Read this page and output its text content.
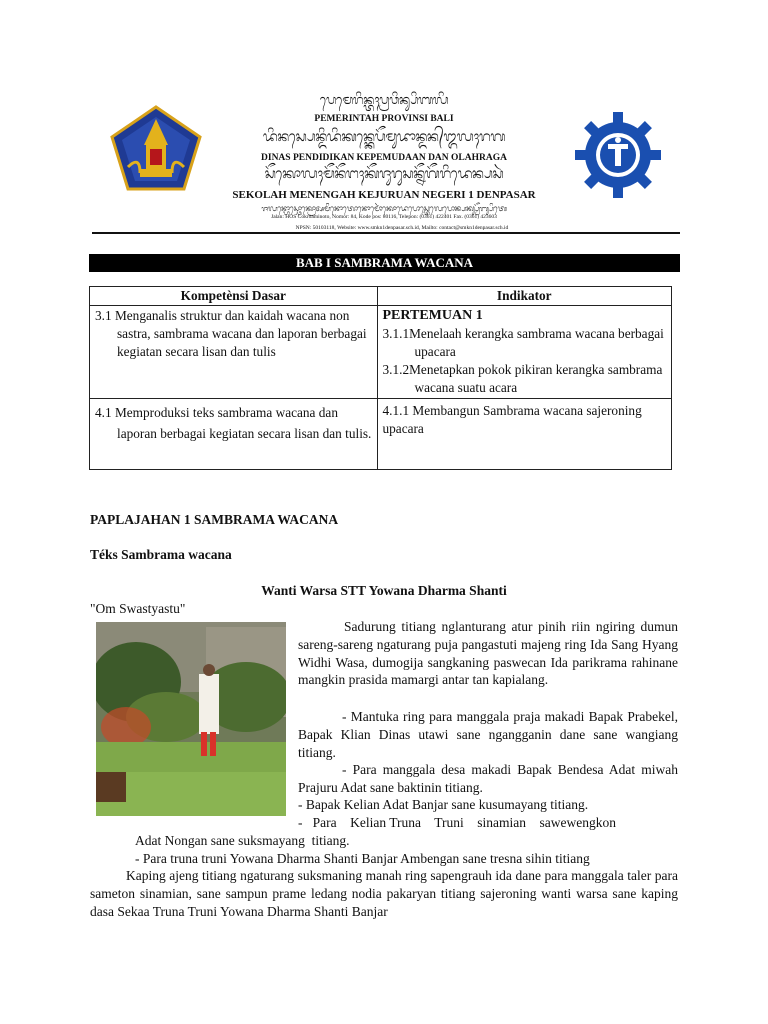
ᬧᬾᬫᬾᬭᬶᬦ᭄ᬢᬄᬧ᭄ᬭᬯᬶᬦ᭄ᬲᬶᬩᬮᬶ
PEMERINTAH PROVINSI BALI
ᬤᬶᬦᬲ᭄ᬧᬾᬦ᭄ᬤᬶᬤᬶᬓᬦ᭄ᬓᬾᬧᭂᬫᬸᬤᬵᬦ᭄ᬤᬦ᭄ᬑᬮᬄᬭᬕ
DINAS PENDIDIKAN KEPEMUDAAN DAN OLAHRAGA
ᬲᭂᬓᭀᬮᬄᬫᭂᬦᭂᬗᬄᬓᭂᬚᬸᬭᬸᬲᬦ᭄ᬦᭂᬕᭂᬭᬶᬤᬾᬦ᭄ᬧᬲᬃ
SEKOLAH MENENGAH KEJURUAN NEGERI 1 DENPASAR
ᬚᬮᬦ᭄ᬳᭀᬲ᭄ᬘᭀᬓ᭄ᬭᭀᬅᬫᬶᬦᭀᬢᭀᬦᭀᬫᭀᬃᬓᭀᬤᬾᬧᭀᬲ᭄ᬢᬾᬮᬾᬧᭀᬦ᭄ᬧᬓ᭄ᬲ᭄ᬯᭂᬩ᭄ᬲᬶᬢᬾ
Jalan: HOS Cokroaminoto, Nomor: 84, Kode pos: 80116, Telepon: (0361) 422401 Fax. (0361) 423603
NPSN: 50103118, Website: www.smkn1denpasar.sch.id, Mailto: contact@smkn1denpasar.sch.id
BAB I SAMBRAMA WACANA
Kompetènsi Dasar	Indikator

3.1 Menganalis struktur dan kaidah wacana non sastra, sambrama wacana dan laporan berbagai kegiatan secara lisan dan tulis	PERTEMUAN 1
3.1.1Menelaah kerangka sambrama wacana berbagai upacara
3.1.2Menetapkan pokok pikiran kerangka sambrama wacana suatu acara

4.1 Memproduksi teks sambrama wacana dan laporan berbagai kegiatan secara lisan dan tulis.	4.1.1 Membangun Sambrama wacana sajeroning upacara
PAPLAJAHAN 1 SAMBRAMA WACANA
Téks Sambrama wacana
Wanti Warsa STT Yowana Dharma Shanti
"Om Swastyastu"
Sadurung titiang nglanturang atur pinih riin ngiring dumun sareng-sareng ngaturang puja pangastuti majeng ring Ida Sang Hyang Widhi Wasa, dumogija sangkaning paswecan Ida parikrama rahinane mangkin prasida mamargi antar tan kapialang.
- Mantuka ring para manggala praja makadi Bapak Prabekel, Bapak Klian Dinas utawi sane ngangganin dane sane wangiang titiang.
- Para manggala desa makadi Bapak Bendesa Adat miwah Prajuru Adat sane baktinin titiang.
- Bapak Kelian Adat Banjar sane kusumayang titiang.
-   Para    Kelian Truna    Truni    sinamian    sawewengkon
Adat Nongan sane suksmayang  titiang.
- Para truna truni Yowana Dharma Shanti Banjar Ambengan sane tresna sihin titiang
Kaping ajeng titiang ngaturang suksmaning manah ring sapengrauh ida dane para manggala taler para sameton sinamian, sane sampun prame ledang nodia pakaryan titiang sajeroning wanti warsa sane kaping dasa Sekaa Truna Truni Yowana Dharma Shanti Banjar
